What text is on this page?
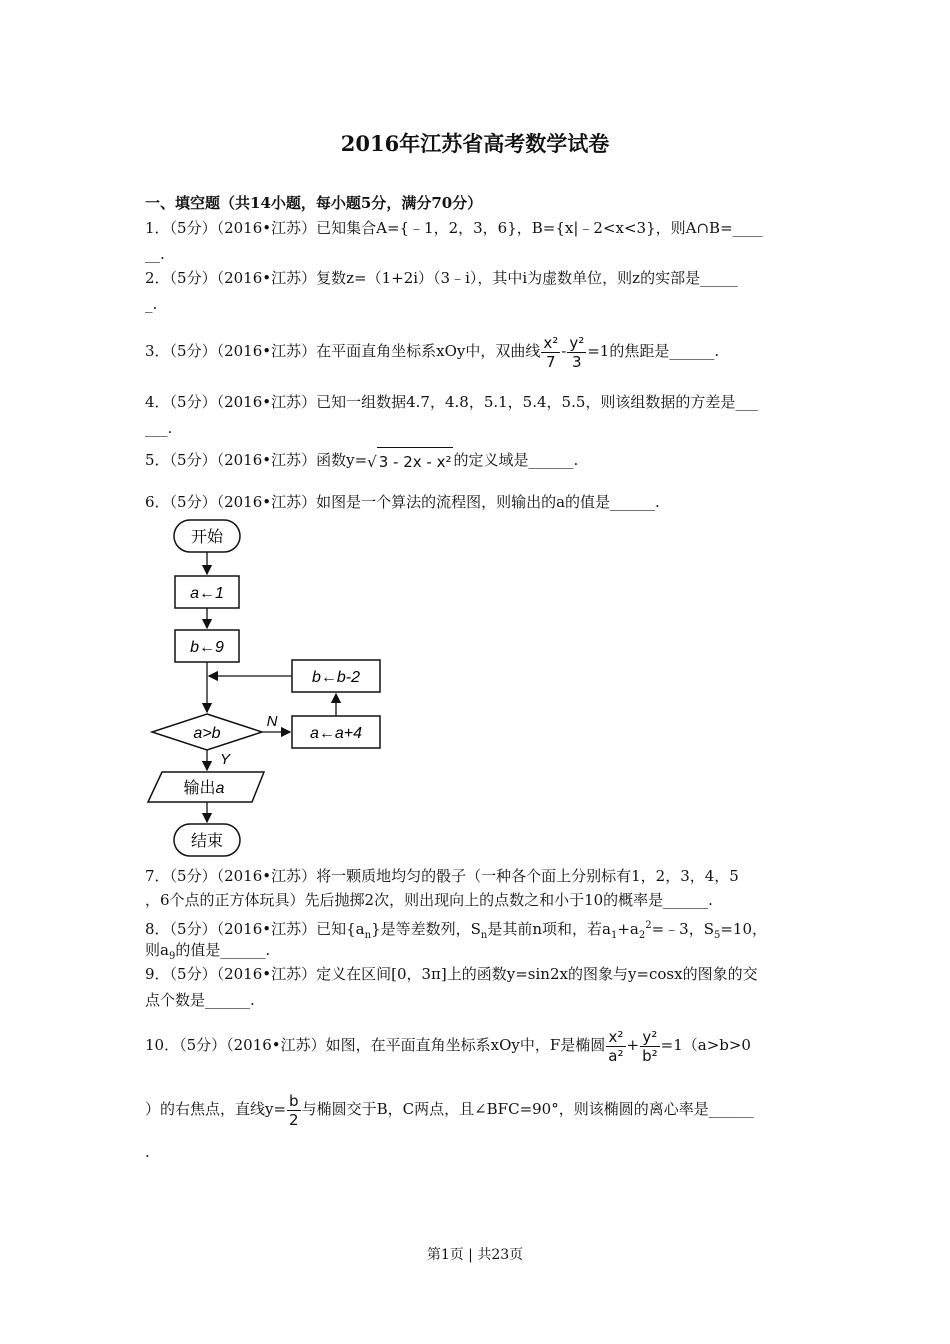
2016年江苏省高考数学试卷
一、填空题（共14小题，每小题5分，满分70分）
1．（5分）（2016•江苏）已知集合A={﹣1，2，3，6}，B={x|﹣2<x<3}，则A∩B=____
__.
2．（5分）（2016•江苏）复数z=（1+2i）（3﹣i），其中i为虚数单位，则z的实部是_____
_.
3．（5分）（2016•江苏）在平面直角坐标系xOy中，双曲线 $\frac{\text{x²}}{7} - \frac{\text{y²}}{3} =1$的焦距是______.
4．（5分）（2016•江苏）已知一组数据4.7，4.8，5.1，5.4，5.5，则该组数据的方差是___
___.
5．（5分）（2016•江苏）函数y=√ 3 - 2x - x² 的定义域是______.
6．（5分）（2016•江苏）如图是一个算法的流程图，则输出的a的值是______.
开始
a←1
b←9
b←b-2
a>b
N
a←a+4
Y
输出a
结束
7．（5分）（2016•江苏）将一颗质地均匀的骰子（一种各个面上分别标有1，2，3，4，5
，6个点的正方体玩具）先后抛掷2次，则出现向上的点数之和小于10的概率是______.
8．（5分）（2016•江苏）已知$\{a_n\}$是等差数列，$S_n$是其前n项和，若$a_1+a_2^2=﹣3$，$S_5=10$，
则$a_9$的值是______.
9．（5分）（2016•江苏）定义在区间[0，3π]上的函数y=sin2x的图象与y=cosx的图象的交
点个数是______.
10．（5分）（2016•江苏）如图，在平面直角坐标系xOy中，F是椭圆 $\frac{\text{x²}}{\text{a²}} + \frac{\text{y²}}{\text{b²}} =1(a>b>0$
）的右焦点，直线$y= \frac{b}{2}$ 与椭圆交于B，C两点，且∠BFC=90°，则该椭圆的离心率是______
.
第1页 | 共23页
